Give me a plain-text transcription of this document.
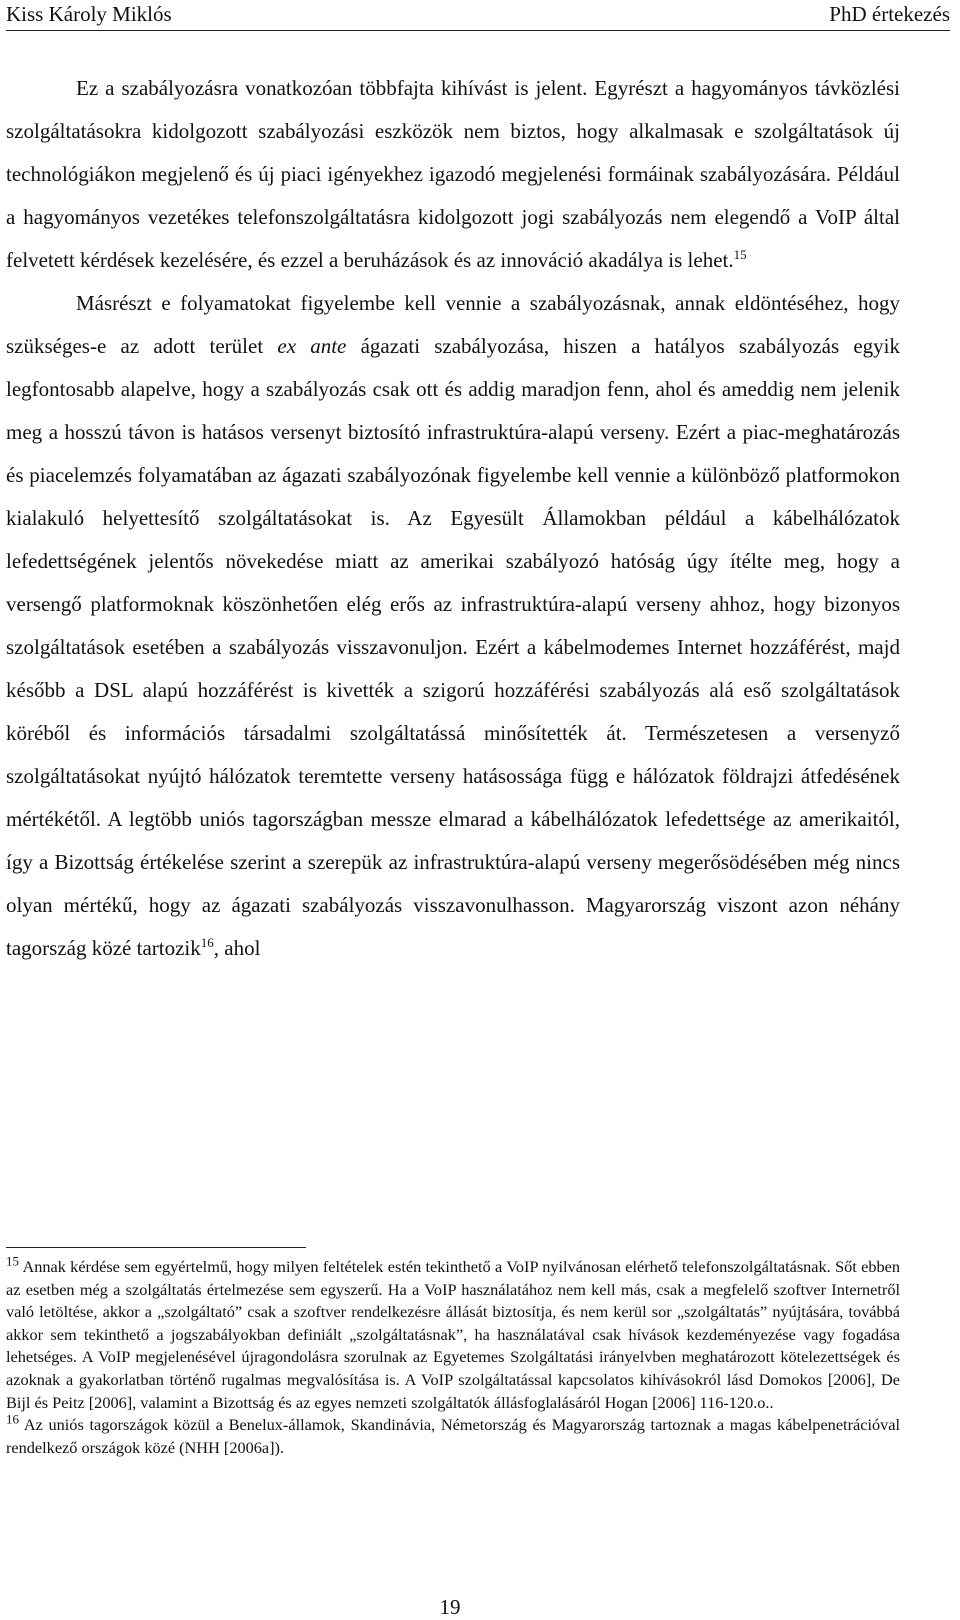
Kiss Károly Miklós	PhD értekezés

Ez a szabályozásra vonatkozóan többfajta kihívást is jelent. Egyrészt a hagyományos távközlési szolgáltatásokra kidolgozott szabályozási eszközök nem biztos, hogy alkalmasak e szolgáltatások új technológiákon megjelenő és új piaci igényekhez igazodó megjelenési formáinak szabályozására. Például a hagyományos vezetékes telefonszolgáltatásra kidolgozott jogi szabályozás nem elegendő a VoIP által felvetett kérdések kezelésére, és ezzel a beruházások és az innováció akadálya is lehet.$^{15}$

Másrészt e folyamatokat figyelembe kell vennie a szabályozásnak, annak eldöntéséhez, hogy szükséges-e az adott terület ex ante ágazati szabályozása, hiszen a hatályos szabályozás egyik legfontosabb alapelve, hogy a szabályozás csak ott és addig maradjon fenn, ahol és ameddig nem jelenik meg a hosszú távon is hatásos versenyt biztosító infrastruktúra-alapú verseny. Ezért a piac-meghatározás és piacelemzés folyamatában az ágazati szabályozónak figyelembe kell vennie a különböző platformokon kialakuló helyettesítő szolgáltatásokat is. Az Egyesült Államokban például a kábelhálózatok lefedettségének jelentős növekedése miatt az amerikai szabályozó hatóság úgy ítélte meg, hogy a versengő platformoknak köszönhetően elég erős az infrastruktúra-alapú verseny ahhoz, hogy bizonyos szolgáltatások esetében a szabályozás visszavonuljon. Ezért a kábelmodemes Internet hozzáférést, majd később a DSL alapú hozzáférést is kivették a szigorú hozzáférési szabályozás alá eső szolgáltatások köréből és információs társadalmi szolgáltatássá minősítették át. Természetesen a versenyző szolgáltatásokat nyújtó hálózatok teremtette verseny hatásossága függ e hálózatok földrajzi átfedésének mértékétől. A legtöbb uniós tagországban messze elmarad a kábelhálózatok lefedettsége az amerikaitól, így a Bizottság értékelése szerint a szerepük az infrastruktúra-alapú verseny megerősödésében még nincs olyan mértékű, hogy az ágazati szabályozás visszavonulhasson. Magyarország viszont azon néhány tagország közé tartozik$^{16}$, ahol

$^{15}$ Annak kérdése sem egyértelmű, hogy milyen feltételek estén tekinthető a VoIP nyilvánosan elérhető telefonszolgáltatásnak. Sőt ebben az esetben még a szolgáltatás értelmezése sem egyszerű. Ha a VoIP használatához nem kell más, csak a megfelelő szoftver Internetről való letöltése, akkor a „szolgáltató” csak a szoftver rendelkezésre állását biztosítja, és nem kerül sor „szolgáltatás” nyújtására, továbbá akkor sem tekinthető a jogszabályokban definiált „szolgáltatásnak”, ha használatával csak hívások kezdeményezése vagy fogadása lehetséges. A VoIP megjelenésével újragondolásra szorulnak az Egyetemes Szolgáltatási irányelvben meghatározott kötelezettségek és azoknak a gyakorlatban történő rugalmas megvalósítása is. A VoIP szolgáltatással kapcsolatos kihívásokról lásd Domokos [2006], De Bijl és Peitz [2006], valamint a Bizottság és az egyes nemzeti szolgáltatók állásfoglalásáról Hogan [2006] 116-120.o..

$^{16}$ Az uniós tagországok közül a Benelux-államok, Skandinávia, Németország és Magyarország tartoznak a magas kábelpenetrációval rendelkező országok közé (NHH [2006a]).

19
